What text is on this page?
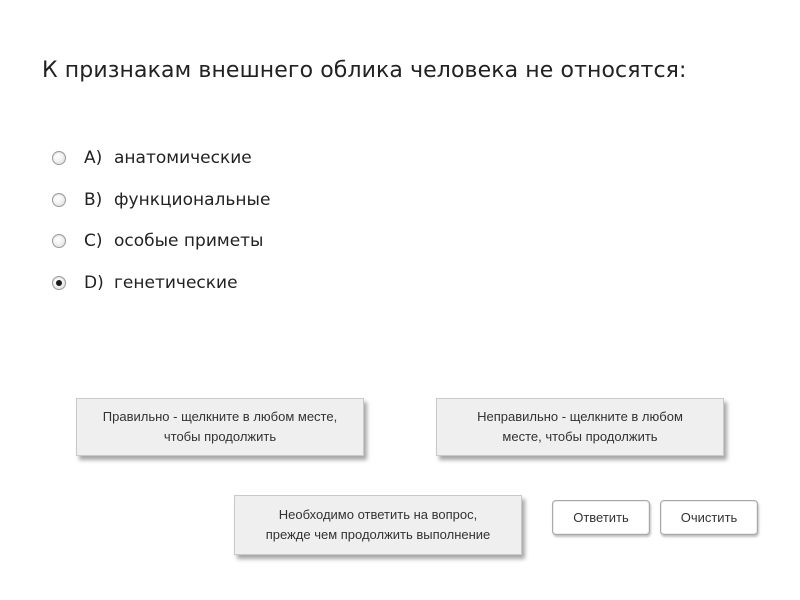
К признакам внешнего облика человека не относятся:
A) анатомические
B) функциональные
C) особые приметы
D) генетические
Правильно - щелкните в любом месте,
чтобы продолжить
Неправильно - щелкните в любом
месте, чтобы продолжить
Необходимо ответить на вопрос,
прежде чем продолжить выполнение
Ответить	Очистить
